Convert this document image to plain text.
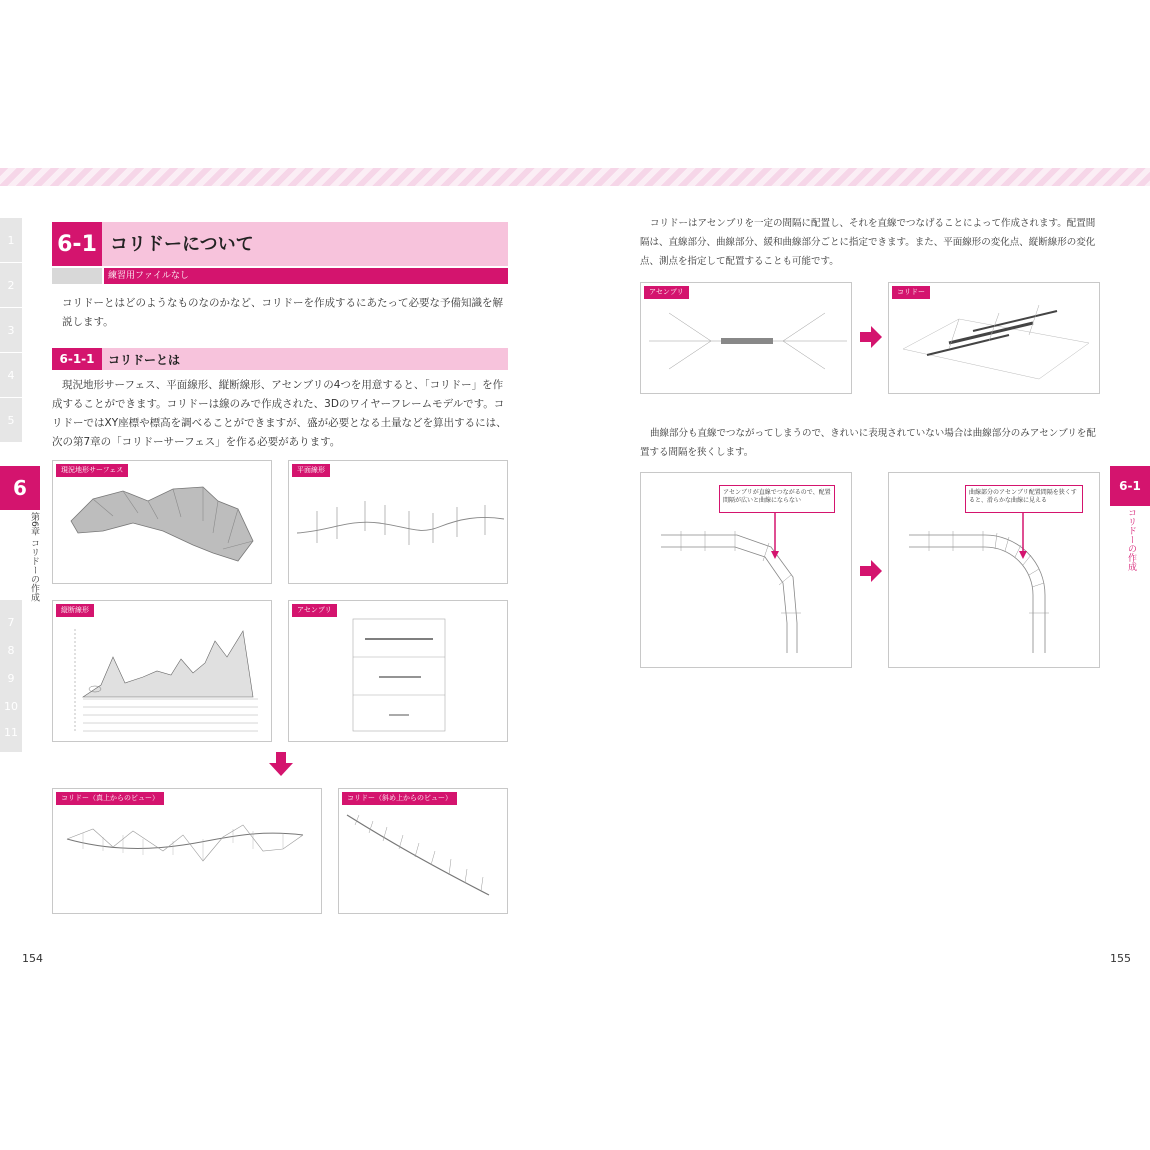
1
2
3
4
5
6
第6章 コリドーの作成
7
8
9
10
11
6-1 コリドーについて
練習用ファイルなし
コリドーとはどのようなものなのかなど、コリドーを作成するにあたって必要な予備知識を解説します。
6-1-1	コリドーとは
現況地形サーフェス、平面線形、縦断線形、アセンブリの4つを用意すると、「コリドー」を作成することができます。コリドーは線のみで作成された、3Dのワイヤーフレームモデルです。コリドーではXY座標や標高を調べることができますが、盛が必要となる土量などを算出するには、次の第7章の「コリドーサーフェス」を作る必要があります。
現況地形サーフェス	平面線形
縦断線形	アセンブリ
コリドー（真上からのビュー）	コリドー（斜め上からのビュー）
154
コリドーはアセンブリを一定の間隔に配置し、それを直線でつなげることによって作成されます。配置間隔は、直線部分、曲線部分、緩和曲線部分ごとに指定できます。また、平面線形の変化点、縦断線形の変化点、測点を指定して配置することも可能です。
アセンブリ	コリドー
曲線部分も直線でつながってしまうので、きれいに表現されていない場合は曲線部分のみアセンブリを配置する間隔を狭くします。
アセンブリが直線でつながるので、配置間隔が広いと曲線にならない
曲線部分のアセンブリ配置間隔を狭くすると、滑らかな曲線に見える
6-1
コリドーの作成
155
